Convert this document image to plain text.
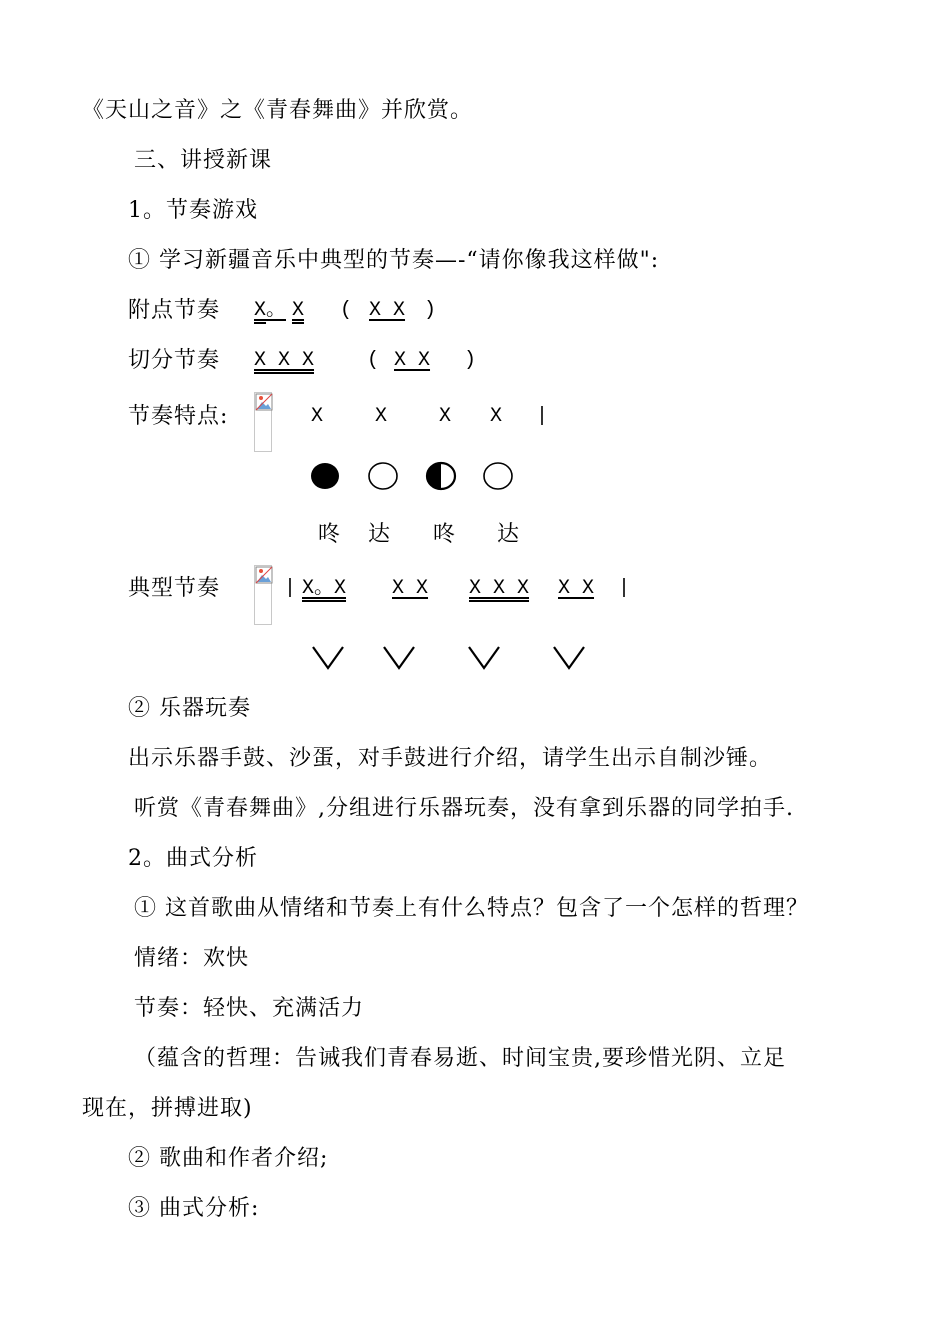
《天山之音》之《青春舞曲》并欣赏。
三、讲授新课
1。节奏游戏
① 学习新疆音乐中典型的节奏—-“请你像我这样做":
附点节奏 X 。 X ( X X )
切分节奏 X X X	( X X )
节奏特点:	X	X	X X |
咚 达 咚 达
典型节奏	| X。X X X X X X X X |
② 乐器玩奏
出示乐器手鼓、沙蛋，对手鼓进行介绍，请学生出示自制沙锤。
听赏《青春舞曲》,分组进行乐器玩奏，没有拿到乐器的同学拍手.
2。曲式分析
① 这首歌曲从情绪和节奏上有什么特点？包含了一个怎样的哲理？
情绪：欢快
节奏：轻快、充满活力
（蕴含的哲理：告诫我们青春易逝、时间宝贵,要珍惜光阴、立足
现在，拼搏进取)
② 歌曲和作者介绍;
③ 曲式分析:
